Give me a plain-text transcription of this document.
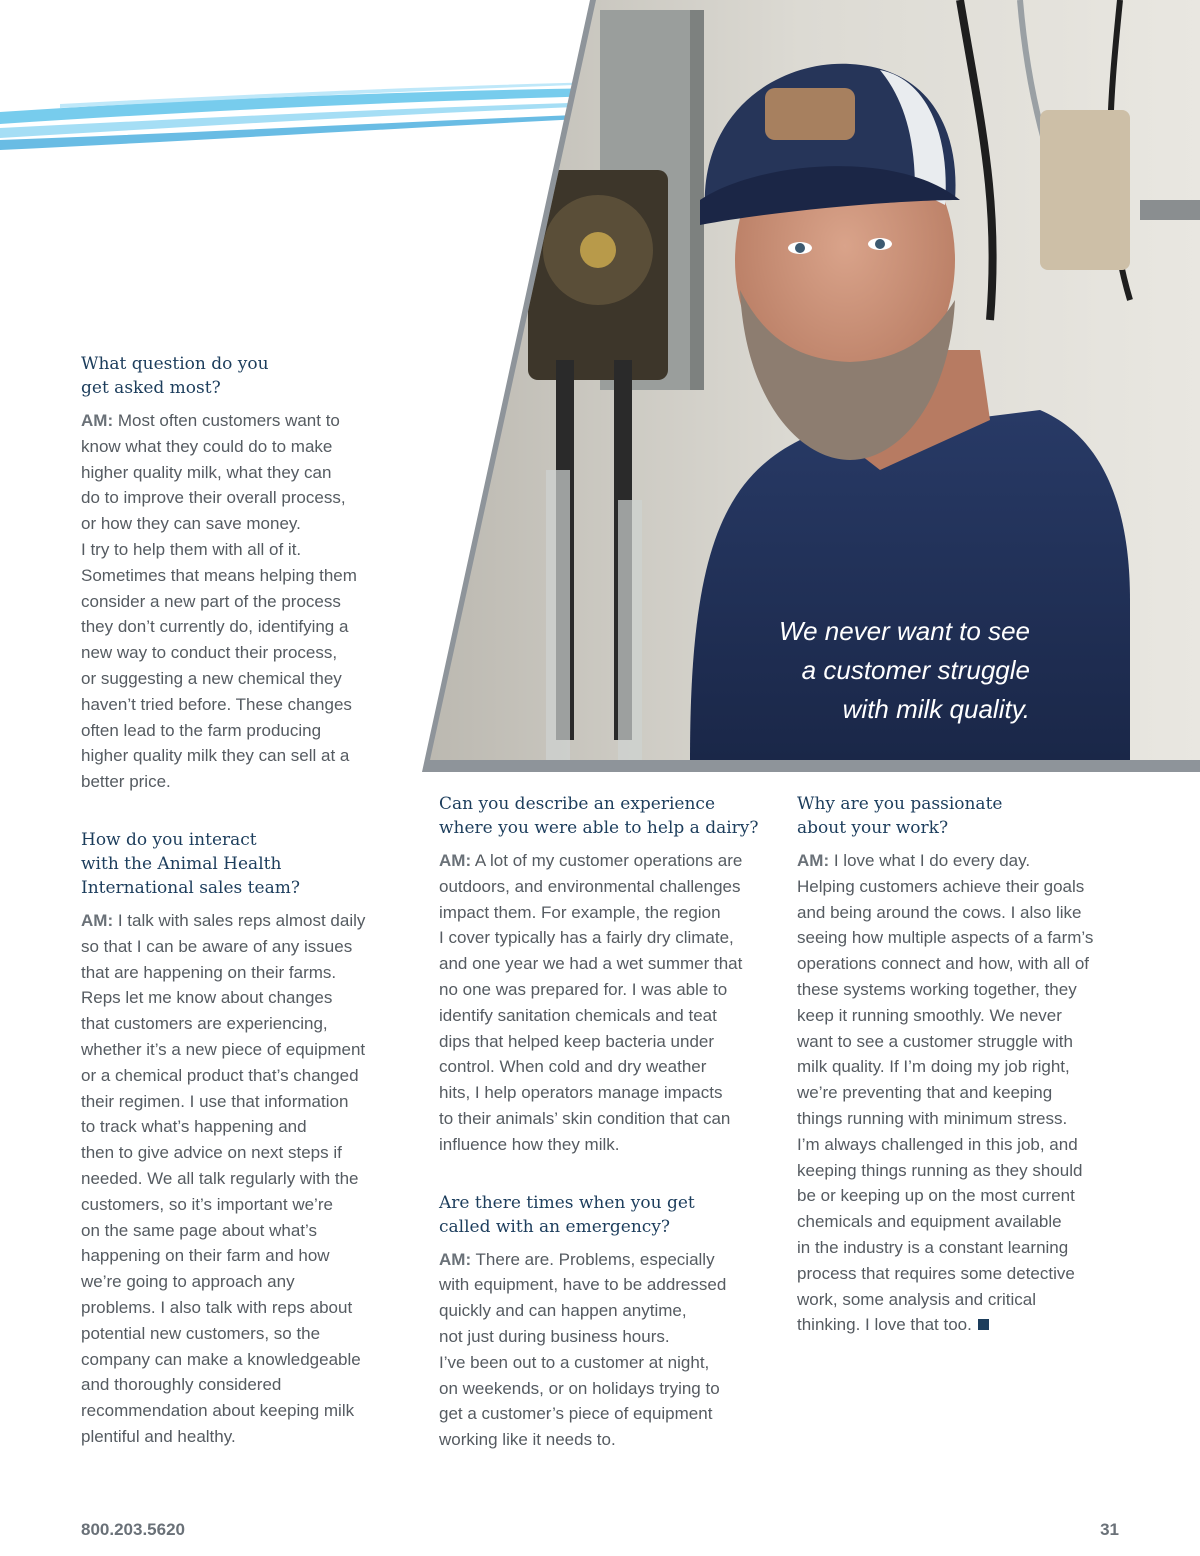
We never want to see
a customer struggle
with milk quality.
What question do you
get asked most?

AM: Most often customers want to
know what they could do to make
higher quality milk, what they can
do to improve their overall process,
or how they can save money.
I try to help them with all of it.
Sometimes that means helping them
consider a new part of the process
they don’t currently do, identifying a
new way to conduct their process,
or suggesting a new chemical they
haven’t tried before. These changes
often lead to the farm producing
higher quality milk they can sell at a
better price.

How do you interact
with the Animal Health
International sales team?

AM: I talk with sales reps almost daily
so that I can be aware of any issues
that are happening on their farms.
Reps let me know about changes
that customers are experiencing,
whether it’s a new piece of equipment
or a chemical product that’s changed
their regimen. I use that information
to track what’s happening and
then to give advice on next steps if
needed. We all talk regularly with the
customers, so it’s important we’re
on the same page about what’s
happening on their farm and how
we’re going to approach any
problems. I also talk with reps about
potential new customers, so the
company can make a knowledgeable
and thoroughly considered
recommendation about keeping milk
plentiful and healthy.

Can you describe an experience
where you were able to help a dairy?

AM: A lot of my customer operations are
outdoors, and environmental challenges
impact them. For example, the region
I cover typically has a fairly dry climate,
and one year we had a wet summer that
no one was prepared for. I was able to
identify sanitation chemicals and teat
dips that helped keep bacteria under
control. When cold and dry weather
hits, I help operators manage impacts
to their animals’ skin condition that can
influence how they milk.

Are there times when you get
called with an emergency?

AM: There are. Problems, especially
with equipment, have to be addressed
quickly and can happen anytime,
not just during business hours.
I’ve been out to a customer at night,
on weekends, or on holidays trying to
get a customer’s piece of equipment
working like it needs to.

Why are you passionate
about your work?

AM: I love what I do every day.
Helping customers achieve their goals
and being around the cows. I also like
seeing how multiple aspects of a farm’s
operations connect and how, with all of
these systems working together, they
keep it running smoothly. We never
want to see a customer struggle with
milk quality. If I’m doing my job right,
we’re preventing that and keeping
things running with minimum stress.
I’m always challenged in this job, and
keeping things running as they should
be or keeping up on the most current
chemicals and equipment available
in the industry is a constant learning
process that requires some detective
work, some analysis and critical
thinking. I love that too.

800.203.5620	31
